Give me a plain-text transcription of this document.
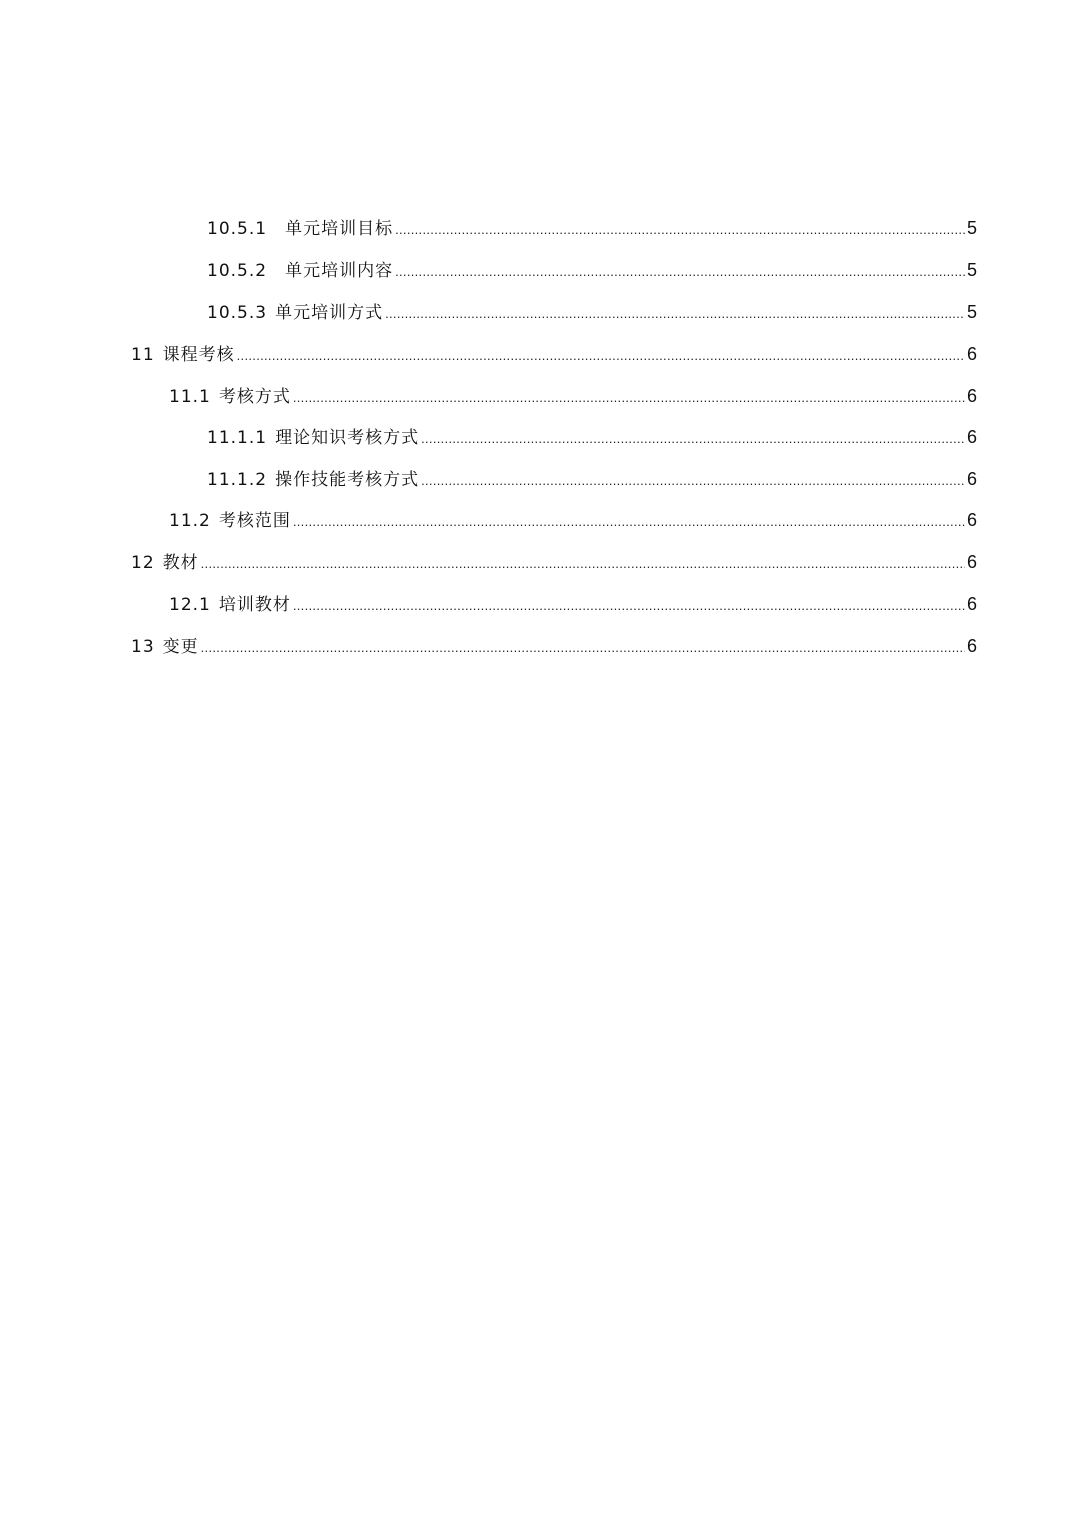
10.5.1 单元培训目标 .....	5
10.5.2 单元培训内容 .....	5
10.5.3 单元培训方式 .....	5
11 课程考核 .....	6
11.1 考核方式 .....	6
11.1.1 理论知识考核方式 .....	6
11.1.2 操作技能考核方式 .....	6
11.2 考核范围 .....	6
12 教材 .....	6
12.1 培训教材 .....	6
13 变更 .....	6
